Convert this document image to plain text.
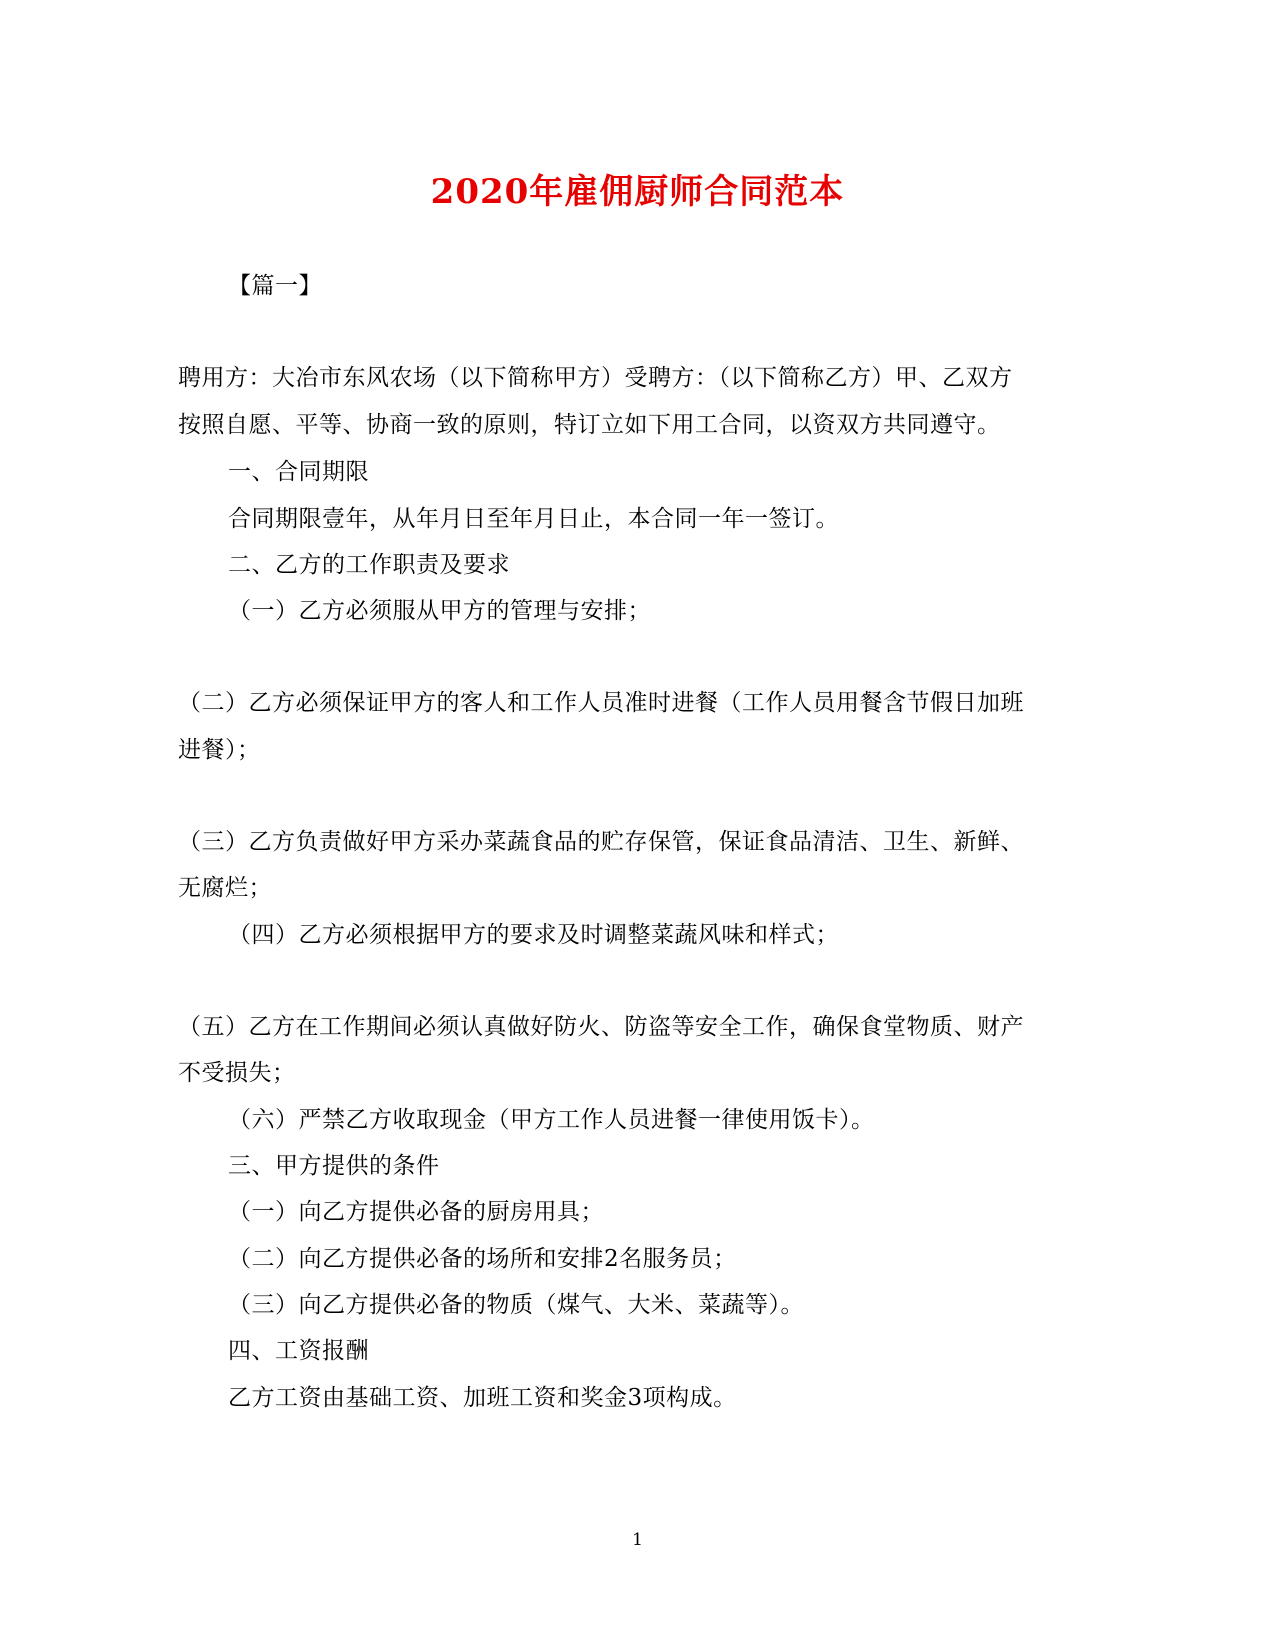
2020年雇佣厨师合同范本
【篇一】
聘用方：大冶市东风农场（以下简称甲方）受聘方：（以下简称乙方）甲、乙双方
按照自愿、平等、协商一致的原则，特订立如下用工合同，以资双方共同遵守。
一、合同期限
合同期限壹年，从年月日至年月日止，本合同一年一签订。
二、乙方的工作职责及要求
（一）乙方必须服从甲方的管理与安排；
（二）乙方必须保证甲方的客人和工作人员准时进餐（工作人员用餐含节假日加班
进餐）；
（三）乙方负责做好甲方采办菜蔬食品的贮存保管，保证食品清洁、卫生、新鲜、
无腐烂；
（四）乙方必须根据甲方的要求及时调整菜蔬风味和样式；
（五）乙方在工作期间必须认真做好防火、防盗等安全工作，确保食堂物质、财产
不受损失；
（六）严禁乙方收取现金（甲方工作人员进餐一律使用饭卡）。
三、甲方提供的条件
（一）向乙方提供必备的厨房用具；
（二）向乙方提供必备的场所和安排2名服务员；
（三）向乙方提供必备的物质（煤气、大米、菜蔬等）。
四、工资报酬
乙方工资由基础工资、加班工资和奖金3项构成。
1
